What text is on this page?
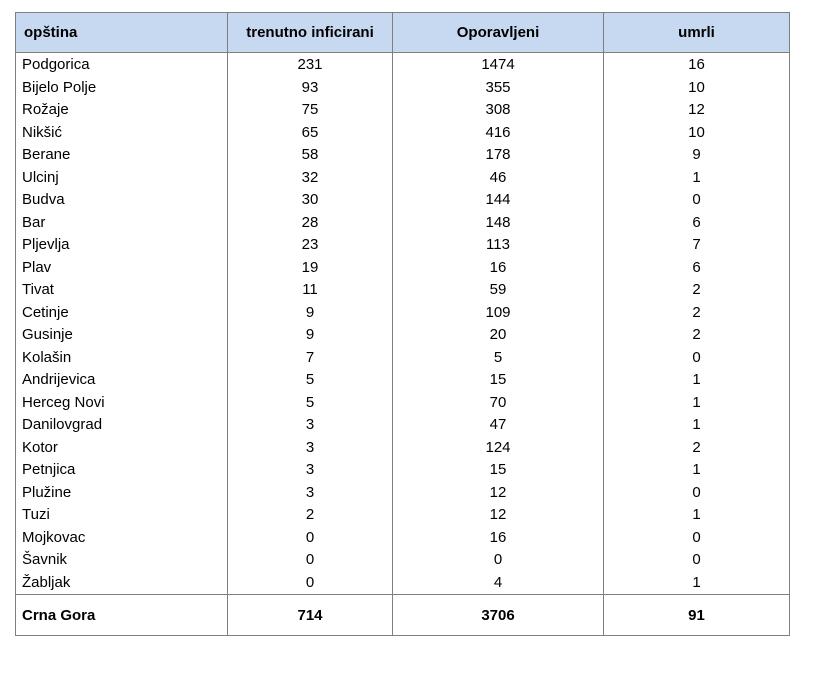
opština	trenutno inficirani	Oporavljeni	umrli
Podgorica	231	1474	16
Bijelo Polje	93	355	10
Rožaje	75	308	12
Nikšić	65	416	10
Berane	58	178	9
Ulcinj	32	46	1
Budva	30	144	0
Bar	28	148	6
Pljevlja	23	113	7
Plav	19	16	6
Tivat	11	59	2
Cetinje	9	109	2
Gusinje	9	20	2
Kolašin	7	5	0
Andrijevica	5	15	1
Herceg Novi	5	70	1
Danilovgrad	3	47	1
Kotor	3	124	2
Petnjica	3	15	1
Plužine	3	12	0
Tuzi	2	12	1
Mojkovac	0	16	0
Šavnik	0	0	0
Žabljak	0	4	1
Crna Gora	714	3706	91
